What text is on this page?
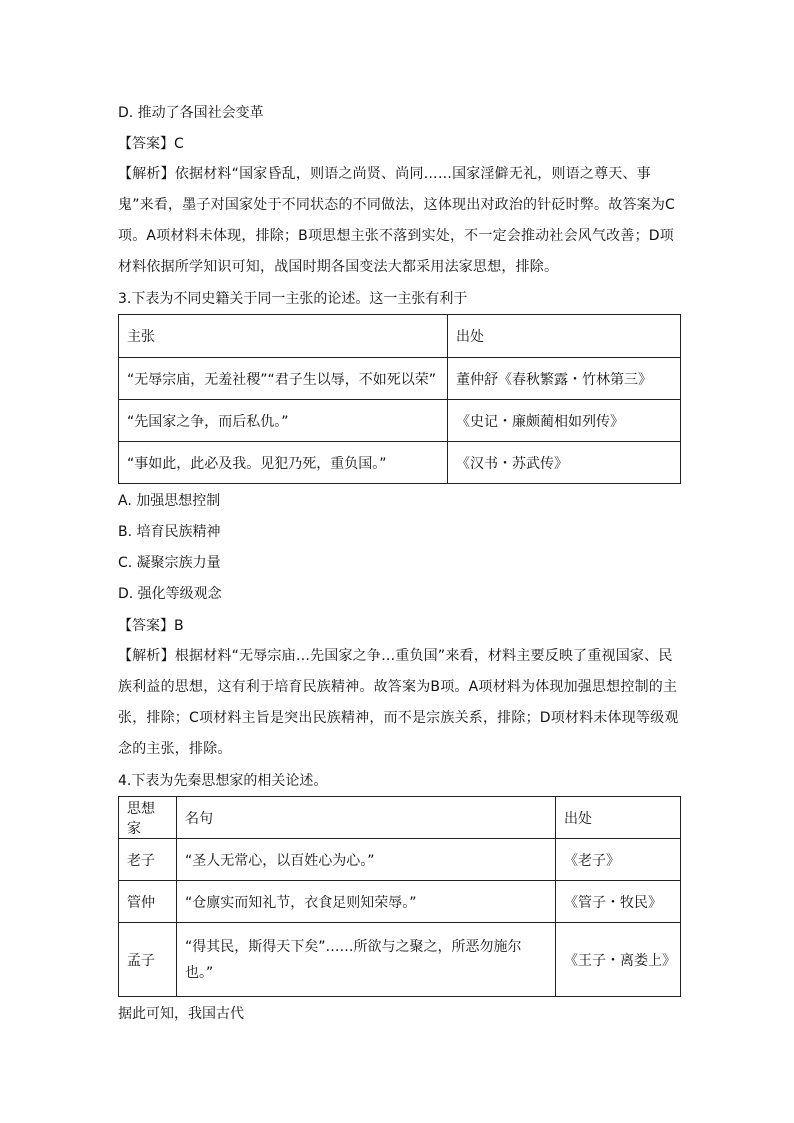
D. 推动了各国社会变革
【答案】C
【解析】依据材料“国家昏乱，则语之尚贤、尚同……国家淫僻无礼，则语之尊天、事鬼”来看，墨子对国家处于不同状态的不同做法，这体现出对政治的针砭时弊。故答案为C项。A项材料未体现，排除；B项思想主张不落到实处，不一定会推动社会风气改善；D项材料依据所学知识可知，战国时期各国变法大都采用法家思想，排除。
3.下表为不同史籍关于同一主张的论述。这一主张有利于
主张	出处
“无辱宗庙，无羞社稷”“君子生以辱，不如死以荣”	董仲舒《春秋繁露・竹林第三》
“先国家之争，而后私仇。”	《史记・廉颇蔺相如列传》
“事如此，此必及我。见犯乃死，重负国。”	《汉书・苏武传》
A. 加强思想控制
B. 培育民族精神
C. 凝聚宗族力量
D. 强化等级观念
【答案】B
【解析】根据材料“无辱宗庙…先国家之争…重负国”来看，材料主要反映了重视国家、民族利益的思想，这有利于培育民族精神。故答案为B项。A项材料为体现加强思想控制的主张，排除；C项材料主旨是突出民族精神，而不是宗族关系，排除；D项材料未体现等级观念的主张，排除。
4.下表为先秦思想家的相关论述。
思想家	名句	出处
老子	“圣人无常心，以百姓心为心。”	《老子》
管仲	“仓廪实而知礼节，衣食足则知荣辱。”	《管子・牧民》
孟子	“得其民，斯得天下矣”……所欲与之聚之，所恶勿施尔也。”	《王子・离娄上》
据此可知，我国古代
